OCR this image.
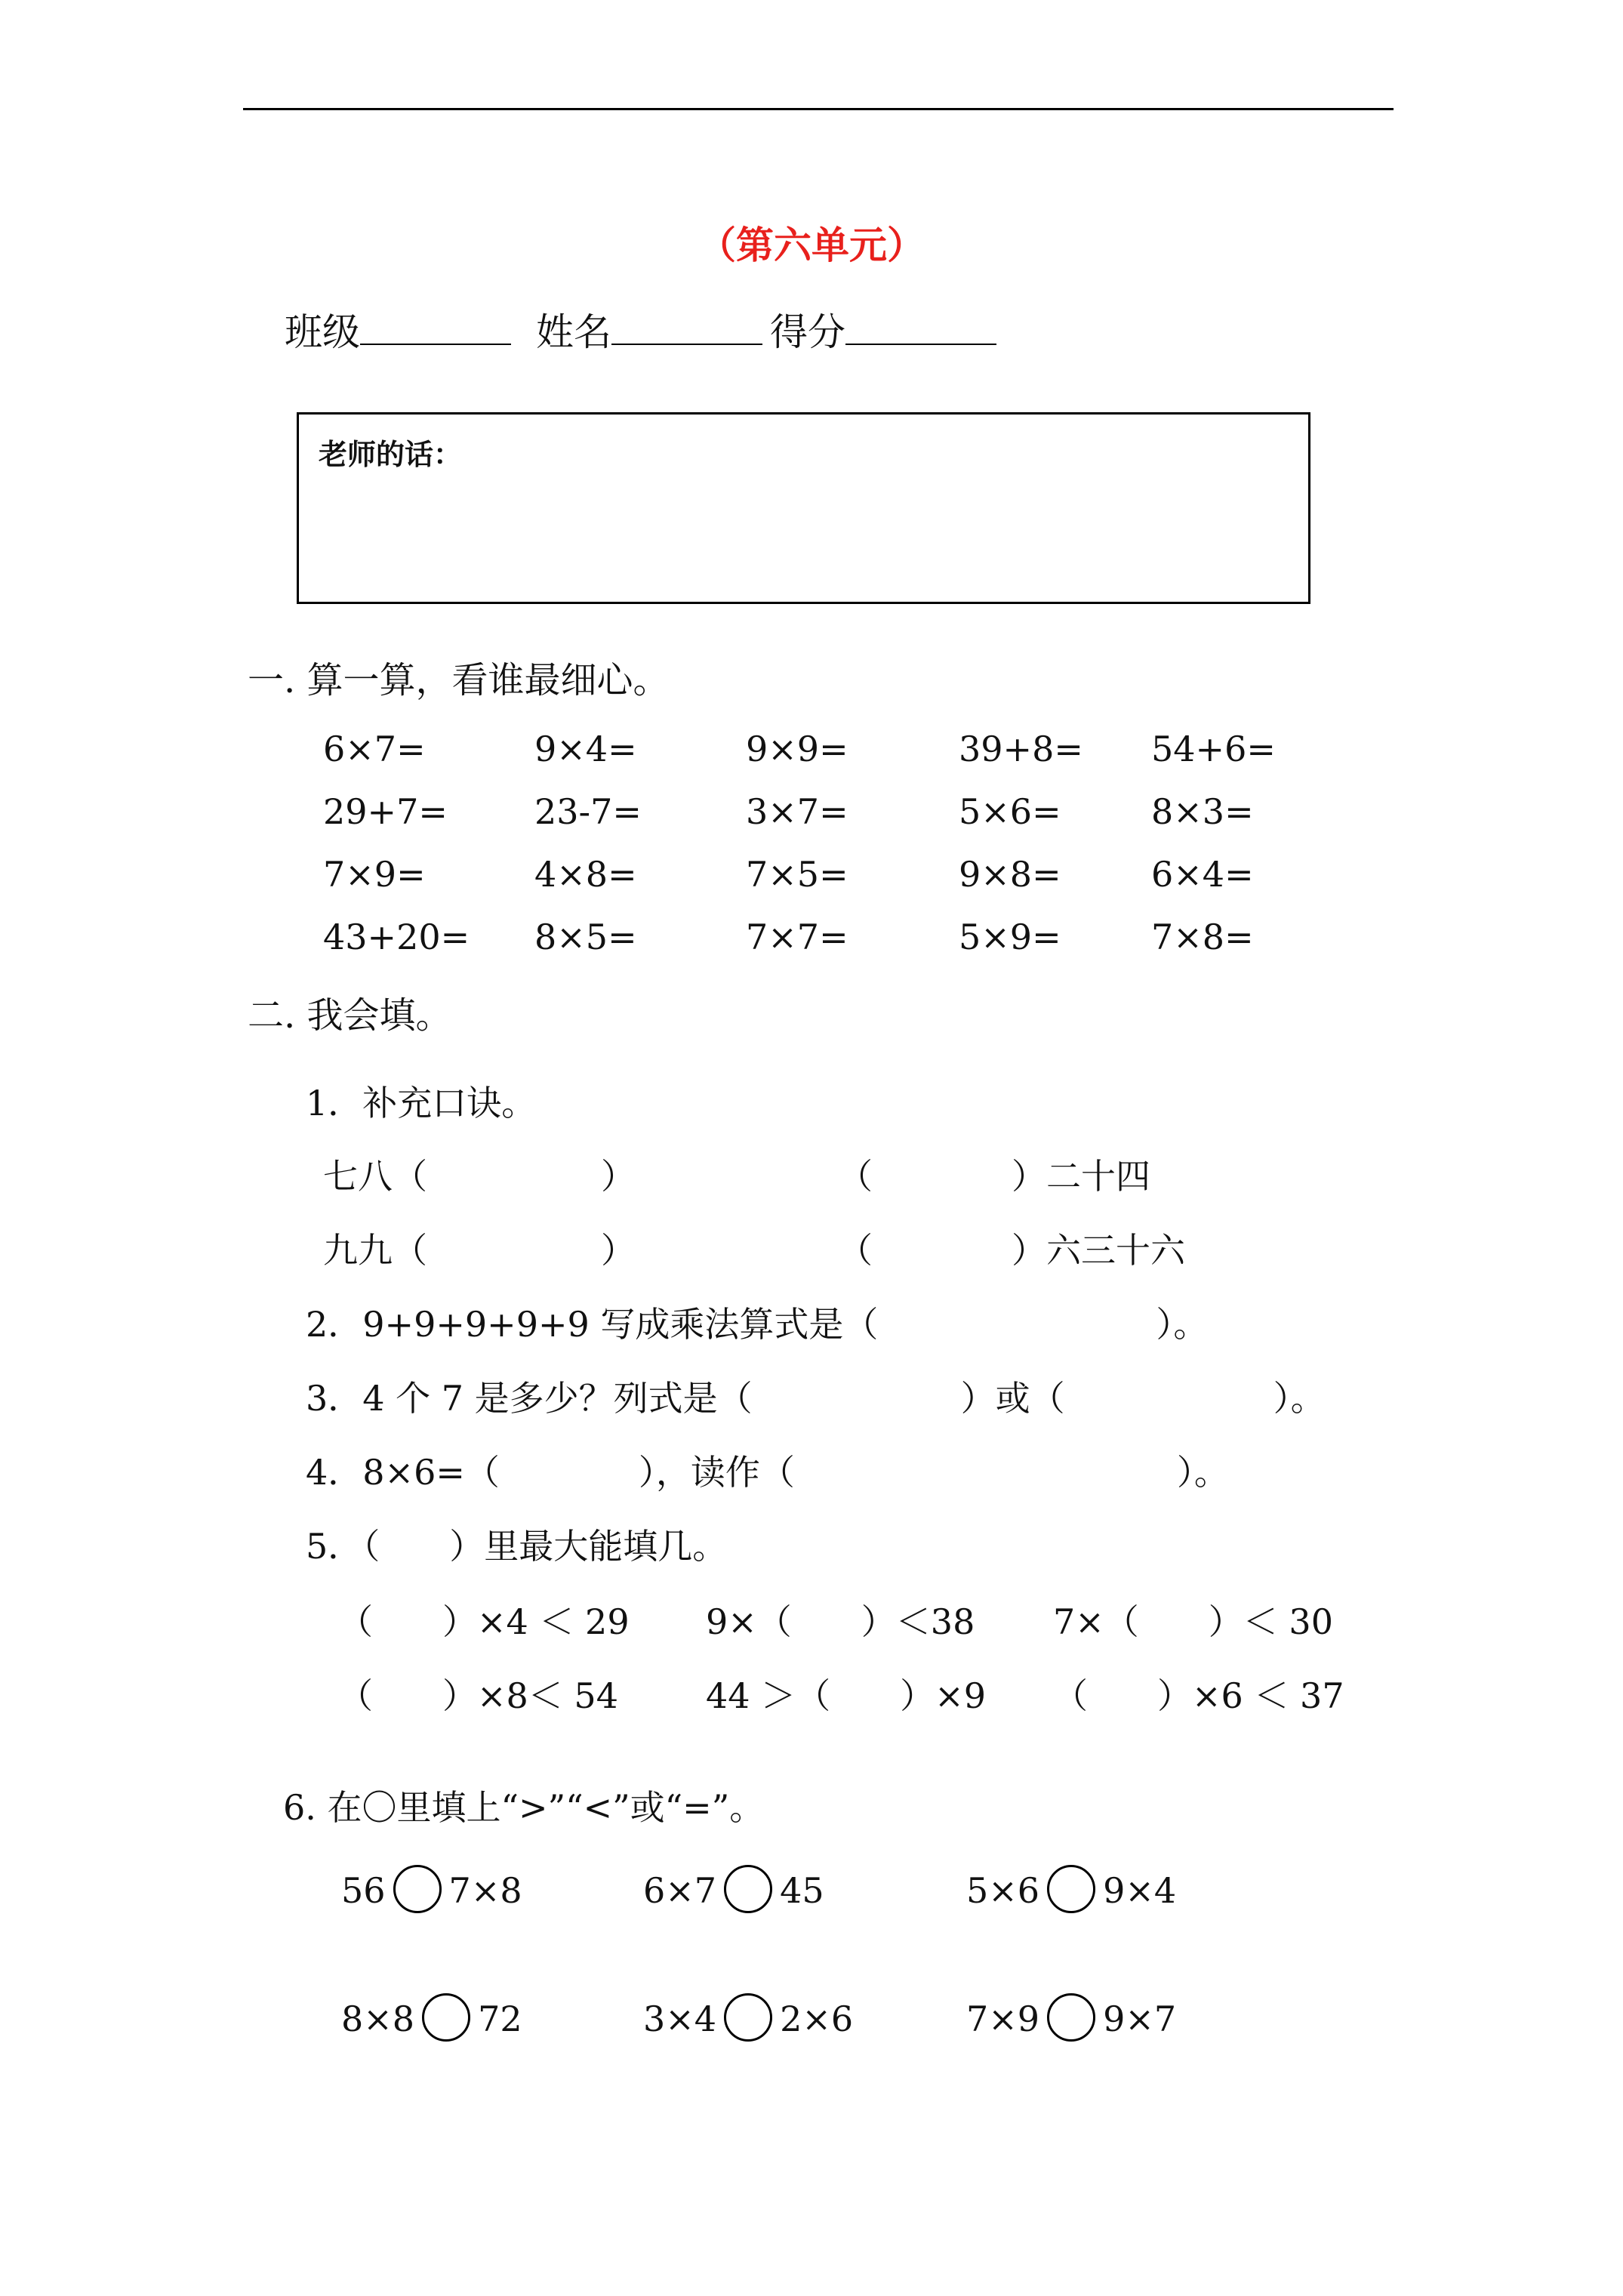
（第六单元）
班级	姓名	得分
老师的话：
一. 算一算，看谁最细心。
6×7=	9×4=	9×9=	39+8= 54+6=
29+7=	23-7=	3×7=	5×6=	8×3=
7×9=	4×8=	7×5=	9×8=	6×4=
43+20= 8×5=	7×7=	5×9=	7×8=
二. 我会填。
1．补充口诀。
七八（　　　　　）	（　　　　）二十四
九九（　　　　　）	（　　　　）六三十六
2．9+9+9+9+9 写成乘法算式是（　　　　　　　　）。
3．4 个 7 是多少？列式是（　　　　　　）或（　　　　　　）。
4．8×6=（　　　　），读作（　　　　　　　　　　　）。
5．（　　）里最大能填几。
（　　）×4 ＜ 29 9×（　　）＜38 7×（　　）＜ 30
（　　）×8＜ 54	44 ＞（　　）×9 （　　）×6 ＜ 37
6. 在〇里填上“>”“<”或“=”。
56 7×8	6×7 45	5×6 9×4
8×8 72	3×4 2×6	7×9 9×7
